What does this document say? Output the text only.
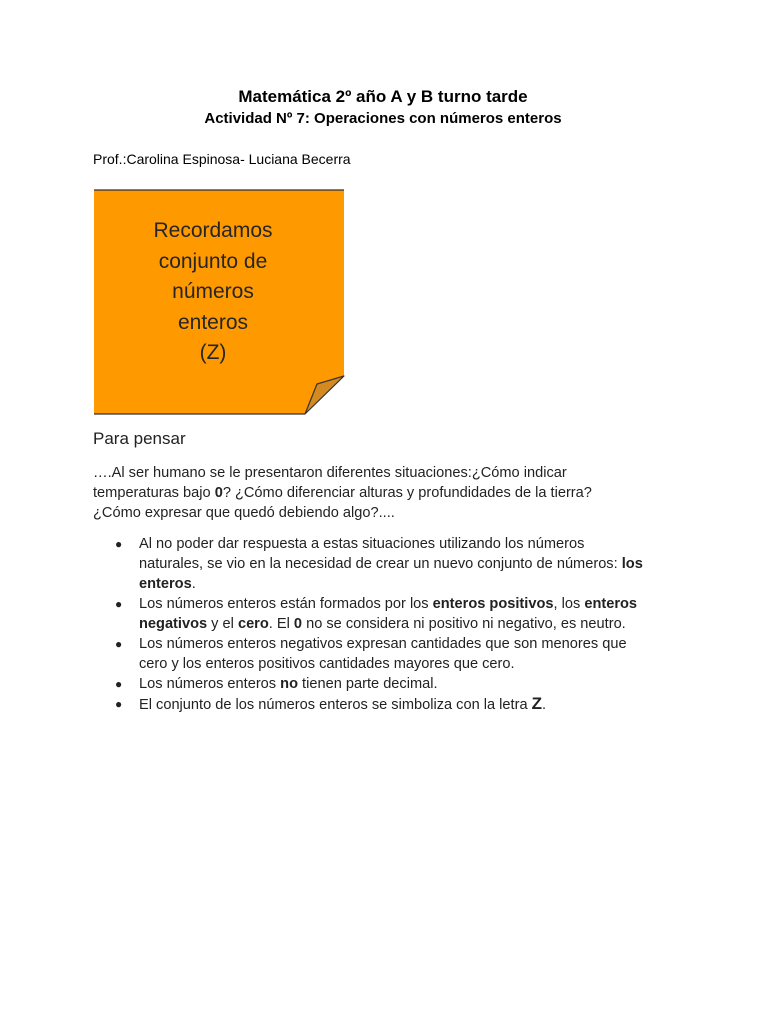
Matemática 2º año A y B turno tarde
Actividad Nº 7: Operaciones con números enteros
Prof.:Carolina Espinosa- Luciana Becerra
Recordamos
conjunto de
números
enteros
(Z)
Para pensar
….Al ser humano se le presentaron diferentes situaciones:¿Cómo indicar
temperaturas bajo 0? ¿Cómo diferenciar alturas y profundidades de la tierra?
¿Cómo expresar que quedó debiendo algo?....
● Al no poder dar respuesta a estas situaciones utilizando los números
naturales, se vio en la necesidad de crear un nuevo conjunto de números: los
enteros.
● Los números enteros están formados por los enteros positivos, los enteros
negativos y el cero. El 0 no se considera ni positivo ni negativo, es neutro.
● Los números enteros negativos expresan cantidades que son menores que
cero y los enteros positivos cantidades mayores que cero.
● Los números enteros no tienen parte decimal.
● El conjunto de los números enteros se simboliza con la letra Z.
